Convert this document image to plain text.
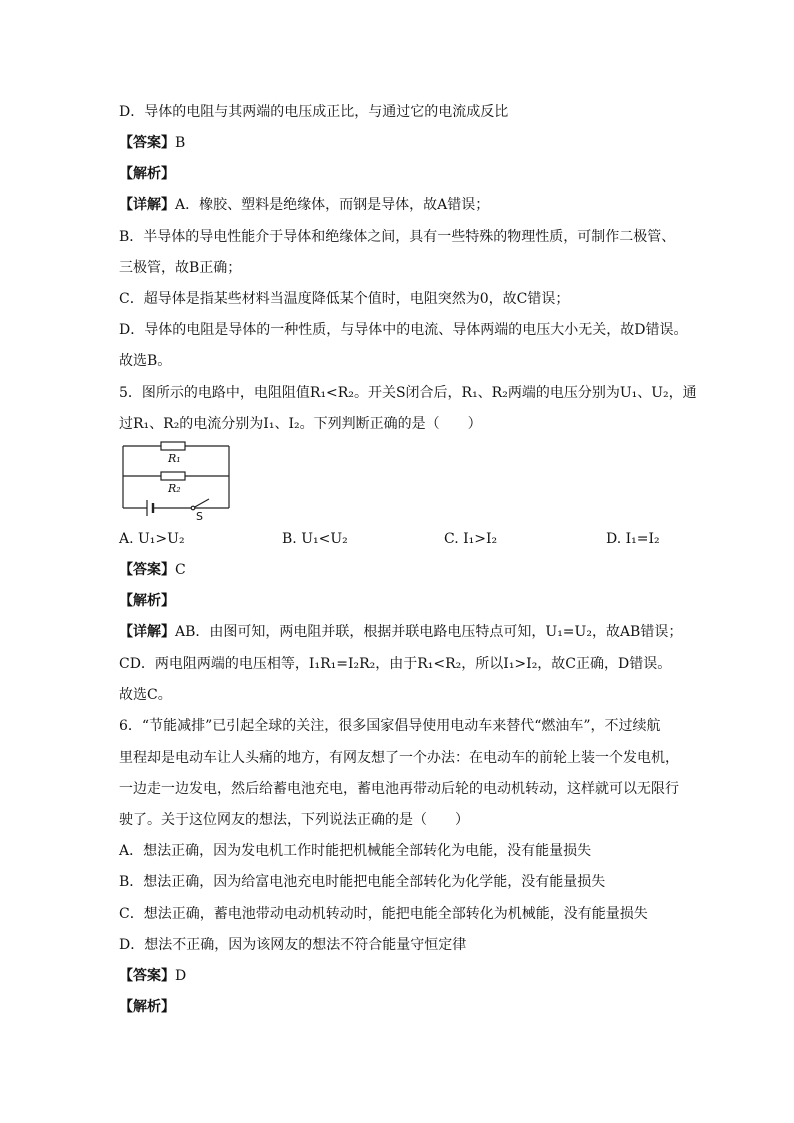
D．导体的电阻与其两端的电压成正比，与通过它的电流成反比
【答案】B
【解析】
【详解】A．橡胶、塑料是绝缘体，而钢是导体，故A错误；
B．半导体的导电性能介于导体和绝缘体之间，具有一些特殊的物理性质，可制作二极管、
三极管，故B正确；
C．超导体是指某些材料当温度降低某个值时，电阻突然为0，故C错误；
D．导体的电阻是导体的一种性质，与导体中的电流、导体两端的电压大小无关，故D错误。
故选B。
5．图所示的电路中，电阻阻值R₁<R₂。开关S闭合后，R₁、R₂两端的电压分别为U₁、U₂，通
过R₁、R₂的电流分别为I₁、I₂。下列判断正确的是（　　）
R₁
R₂
S
A. U₁>U₂	B. U₁<U₂	C. I₁>I₂	D. I₁=I₂
【答案】C
【解析】
【详解】AB．由图可知，两电阻并联，根据并联电路电压特点可知，U₁=U₂，故AB错误；
CD．两电阻两端的电压相等，I₁R₁=I₂R₂，由于R₁<R₂，所以I₁>I₂，故C正确，D错误。
故选C。
6．“节能减排”已引起全球的关注，很多国家倡导使用电动车来替代“燃油车”，不过续航
里程却是电动车让人头痛的地方，有网友想了一个办法：在电动车的前轮上装一个发电机，
一边走一边发电，然后给蓄电池充电，蓄电池再带动后轮的电动机转动，这样就可以无限行
驶了。关于这位网友的想法，下列说法正确的是（　　）
A．想法正确，因为发电机工作时能把机械能全部转化为电能，没有能量损失
B．想法正确，因为给富电池充电时能把电能全部转化为化学能，没有能量损失
C．想法正确，蓄电池带动电动机转动时，能把电能全部转化为机械能，没有能量损失
D．想法不正确，因为该网友的想法不符合能量守恒定律
【答案】D
【解析】
